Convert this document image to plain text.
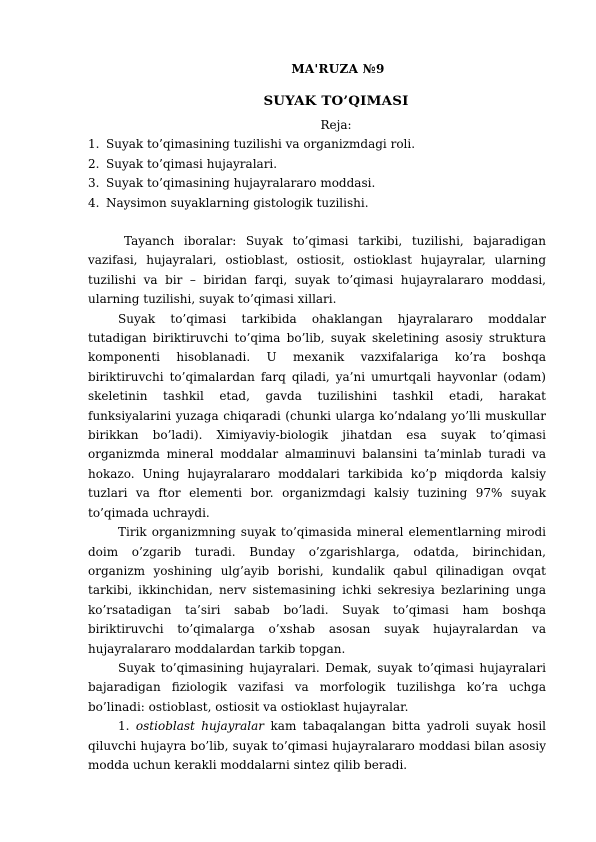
MA'RUZA №9
SUYAK TO’QIMASI
Reja:
1. Suyak to’qimasining tuzilishi va organizmdagi roli.
2. Suyak to’qimasi hujayralari.
3. Suyak to’qimasining hujayralararo moddasi.
4. Naysimon suyaklarning gistologik tuzilishi.

Tayanch iboralar: Suyak to’qimasi tarkibi, tuzilishi, bajaradigan vazifasi, hujayralari, ostioblast, ostiosit, ostioklast hujayralar, ularning tuzilishi va bir – biridan farqi, suyak to’qimasi hujayralararo moddasi, ularning tuzilishi, suyak to’qimasi xillari.

Suyak to’qimasi tarkibida ohaklangan hjayralararo moddalar tutadigan biriktiruvchi to’qima bo’lib, suyak skeletining asosiy struktura komponenti hisoblanadi. U mexanik vazxifalariga ko’ra boshqa biriktiruvchi to’qimalardan farq qiladi, ya’ni umurtqali hayvonlar (odam) skeletinin tashkil etad, gavda tuzilishini tashkil etadi, harakat funksiyalarini yuzaga chiqaradi (chunki ularga ko’ndalang yo’lli muskullar birikkan bo’ladi). Ximiyaviy-biologik jihatdan esa suyak to’qimasi organizmda mineral moddalar almaшinuvi balansini ta’minlab turadi va hokazo. Uning hujayralararo moddalari tarkibida ko’p miqdorda kalsiy tuzlari va ftor elementi bor. organizmdagi kalsiy tuzining 97% suyak to’qimada uchraydi.

Tirik organizmning suyak to’qimasida mineral elementlarning mirodi doim o’zgarib turadi. Bunday o’zgarishlarga, odatda, birinchidan, organizm yoshining ulg’ayib borishi, kundalik qabul qilinadigan ovqat tarkibi, ikkinchidan, nerv sistemasining ichki sekresiya bezlarining unga ko’rsatadigan ta’siri sabab bo’ladi. Suyak to’qimasi ham boshqa biriktiruvchi to’qimalarga o’xshab asosan suyak hujayralardan va hujayralararo moddalardan tarkib topgan.

Suyak to’qimasining hujayralari. Demak, suyak to’qimasi hujayralari bajaradigan fiziologik vazifasi va morfologik tuzilishga ko’ra uchga bo’linadi: ostioblast, ostiosit va ostioklast hujayralar.

1. ostioblast hujayralar kam tabaqalangan bitta yadroli suyak hosil qiluvchi hujayra bo’lib, suyak to’qimasi hujayralararo moddasi bilan asosiy modda uchun kerakli moddalarni sintez qilib beradi.
